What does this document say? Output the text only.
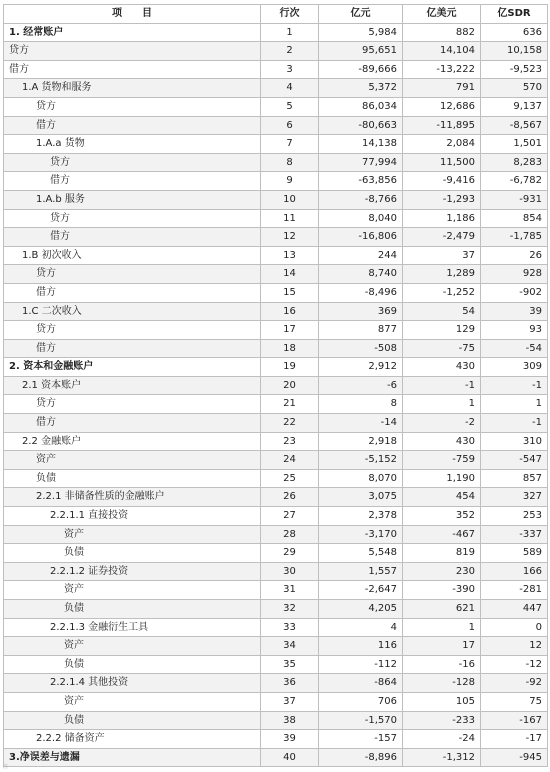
项　　目	行次	亿元	亿美元	亿SDR
1. 经常账户	1	5,984	882	636
贷方	2	95,651	14,104	10,158
借方	3	-89,666	-13,222	-9,523
1.A 货物和服务	4	5,372	791	570
贷方	5	86,034	12,686	9,137
借方	6	-80,663	-11,895	-8,567
1.A.a 货物	7	14,138	2,084	1,501
贷方	8	77,994	11,500	8,283
借方	9	-63,856	-9,416	-6,782
1.A.b 服务	10	-8,766	-1,293	-931
贷方	11	8,040	1,186	854
借方	12	-16,806	-2,479	-1,785
1.B 初次收入	13	244	37	26
贷方	14	8,740	1,289	928
借方	15	-8,496	-1,252	-902
1.C 二次收入	16	369	54	39
贷方	17	877	129	93
借方	18	-508	-75	-54
2. 资本和金融账户	19	2,912	430	309
2.1 资本账户	20	-6	-1	-1
贷方	21	8	1	1
借方	22	-14	-2	-1
2.2 金融账户	23	2,918	430	310
资产	24	-5,152	-759	-547
负债	25	8,070	1,190	857
2.2.1 非储备性质的金融账户	26	3,075	454	327
2.2.1.1 直接投资	27	2,378	352	253
资产	28	-3,170	-467	-337
负债	29	5,548	819	589
2.2.1.2 证券投资	30	1,557	230	166
资产	31	-2,647	-390	-281
负债	32	4,205	621	447
2.2.1.3 金融衍生工具	33	4	1	0
资产	34	116	17	12
负债	35	-112	-16	-12
2.2.1.4 其他投资	36	-864	-128	-92
资产	37	706	105	75
负债	38	-1,570	-233	-167
2.2.2 储备资产	39	-157	-24	-17
3.净误差与遗漏	40	-8,896	-1,312	-945
注
